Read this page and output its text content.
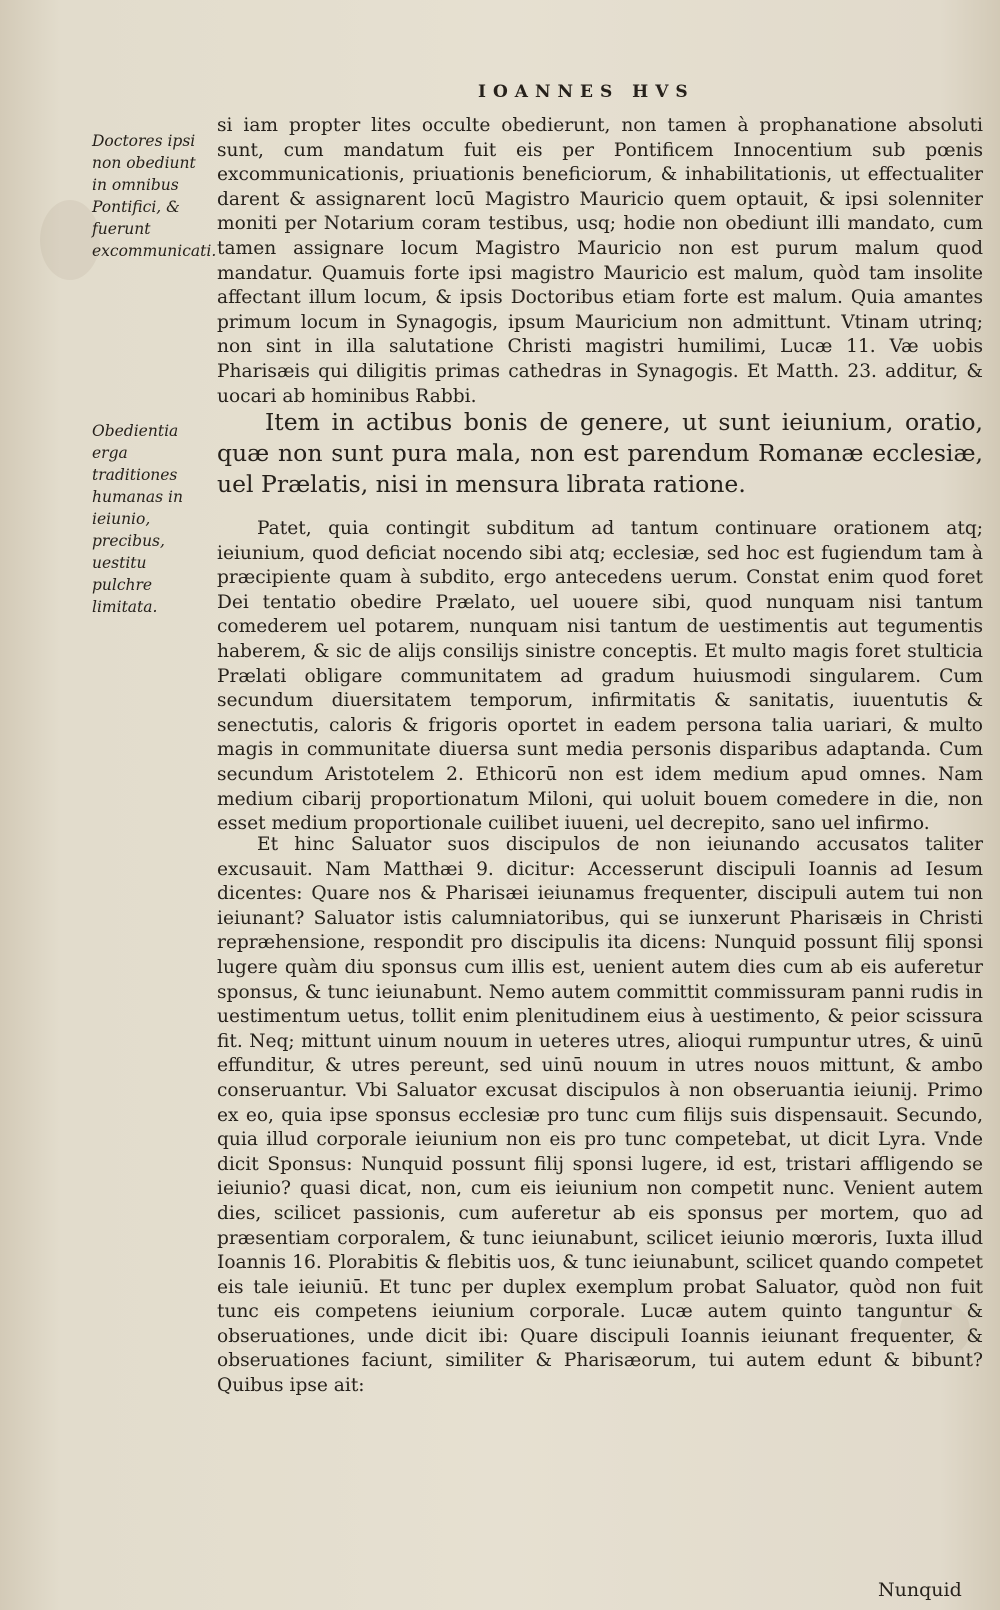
IOANNES HVS
Doctores ipsi non obediunt in omnibus Pontifici, & fuerunt excommunicati.
Obedientia erga traditiones humanas in ieiunio, precibus, uestitu pulchre limitata.

si iam propter lites occulte obedierunt, non tamen à prophanatione absoluti sunt, cum mandatum fuit eis per Pontificem Innocentium sub pœnis excommunicationis, priuationis beneficiorum, & inhabilitationis, ut effectualiter darent & assignarent locū Magistro Mauricio quem optauit, & ipsi solenniter moniti per Notarium coram testibus, usq; hodie non obediunt illi mandato, cum tamen assignare locum Magistro Mauricio non est purum malum quod mandatur. Quamuis forte ipsi magistro Mauricio est malum, quòd tam insolite affectant illum locum, & ipsis Doctoribus etiam forte est malum. Quia amantes primum locum in Synagogis, ipsum Mauricium non admittunt. Vtinam utrinq; non sint in illa salutatione Christi magistri humilimi, Lucæ 11. Væ uobis Pharisæis qui diligitis primas cathedras in Synagogis. Et Matth. 23. additur, & uocari ab hominibus Rabbi.

Item in actibus bonis de genere, ut sunt ieiunium, oratio, quæ non sunt pura mala, non est parendum Romanæ ecclesiæ, uel Prælatis, nisi in mensura librata ratione.

Patet, quia contingit subditum ad tantum continuare orationem atq; ieiunium, quod deficiat nocendo sibi atq; ecclesiæ, sed hoc est fugiendum tam à præcipiente quam à subdito, ergo antecedens uerum. Constat enim quod foret Dei tentatio obedire Prælato, uel uouere sibi, quod nunquam nisi tantum comederem uel potarem, nunquam nisi tantum de uestimentis aut tegumentis haberem, & sic de alijs consilijs sinistre conceptis. Et multo magis foret stulticia Prælati obligare communitatem ad gradum huiusmodi singularem. Cum secundum diuersitatem temporum, infirmitatis & sanitatis, iuuentutis & senectutis, caloris & frigoris oportet in eadem persona talia uariari, & multo magis in communitate diuersa sunt media personis disparibus adaptanda. Cum secundum Aristotelem 2. Ethicorū non est idem medium apud omnes. Nam medium cibarij proportionatum Miloni, qui uoluit bouem comedere in die, non esset medium proportionale cuilibet iuueni, uel decrepito, sano uel infirmo.

Et hinc Saluator suos discipulos de non ieiunando accusatos taliter excusauit. Nam Matthæi 9. dicitur: Accesserunt discipuli Ioannis ad Iesum dicentes: Quare nos & Pharisæi ieiunamus frequenter, discipuli autem tui non ieiunant? Saluator istis calumniatoribus, qui se iunxerunt Pharisæis in Christi repræhensione, respondit pro discipulis ita dicens: Nunquid possunt filij sponsi lugere quàm diu sponsus cum illis est, uenient autem dies cum ab eis auferetur sponsus, & tunc ieiunabunt. Nemo autem committit commissuram panni rudis in uestimentum uetus, tollit enim plenitudinem eius à uestimento, & peior scissura fit. Neq; mittunt uinum nouum in ueteres utres, alioqui rumpuntur utres, & uinū effunditur, & utres pereunt, sed uinū nouum in utres nouos mittunt, & ambo conseruantur. Vbi Saluator excusat discipulos à non obseruantia ieiunij. Primo ex eo, quia ipse sponsus ecclesiæ pro tunc cum filijs suis dispensauit. Secundo, quia illud corporale ieiunium non eis pro tunc competebat, ut dicit Lyra. Vnde dicit Sponsus: Nunquid possunt filij sponsi lugere, id est, tristari affligendo se ieiunio? quasi dicat, non, cum eis ieiunium non competit nunc. Venient autem dies, scilicet passionis, cum auferetur ab eis sponsus per mortem, quo ad præsentiam corporalem, & tunc ieiunabunt, scilicet ieiunio mœroris, Iuxta illud Ioannis 16. Plorabitis & flebitis uos, & tunc ieiunabunt, scilicet quando competet eis tale ieiuniū. Et tunc per duplex exemplum probat Saluator, quòd non fuit tunc eis competens ieiunium corporale. Lucæ autem quinto tanguntur & obseruationes, unde dicit ibi: Quare discipuli Ioannis ieiunant frequenter, & obseruationes faciunt, similiter & Pharisæorum, tui autem edunt & bibunt? Quibus ipse ait:

Nunquid
